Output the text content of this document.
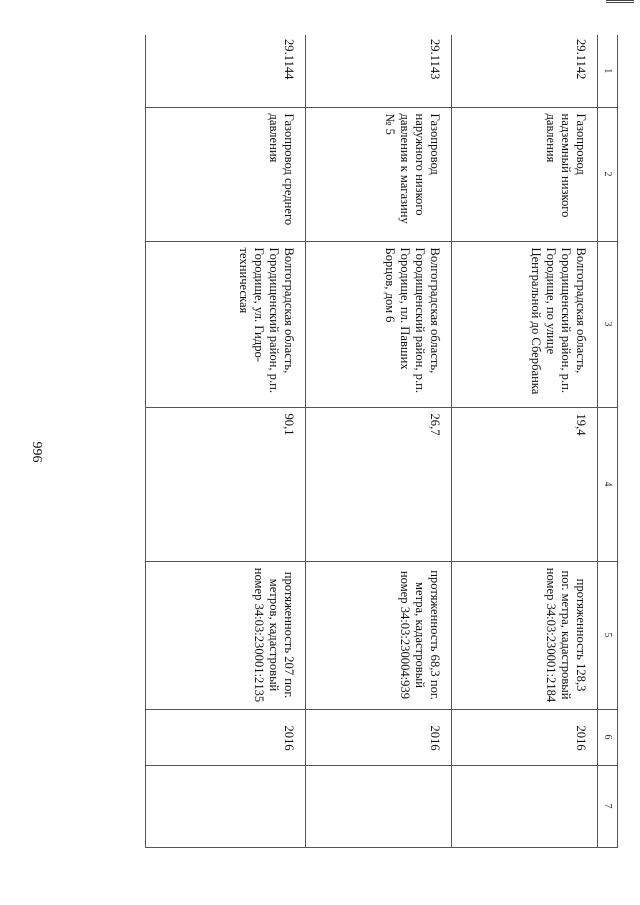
996
1	2	3	4	5	6	7
29.1142	Газопровод надземный низкого давления	Волгоградская область, Городищенский район, р.п. Городище, по улице Центральной до Сбербанка	19,4	протяженность 128,3 пог. метра, кадастровый номер 34:03:230001:2184	2016	
29.1143	Газопровод наружного низкого давления к магазину № 5	Волгоградская область, Городищенский район, р.п. Городище, пл. Павших Борцов, дом 6	26,7	протяженность 68,3 пог. метра, кадастровый номер 34:03:230004:939	2016	
29.1144	Газопровод среднего давления	Волгоградская область, Городищенский район, р.п. Городище, ул. Гидро-техническая	90,1	протяженность 207 пог. метров, кадастровый номер 34:03:230001:2135	2016	
